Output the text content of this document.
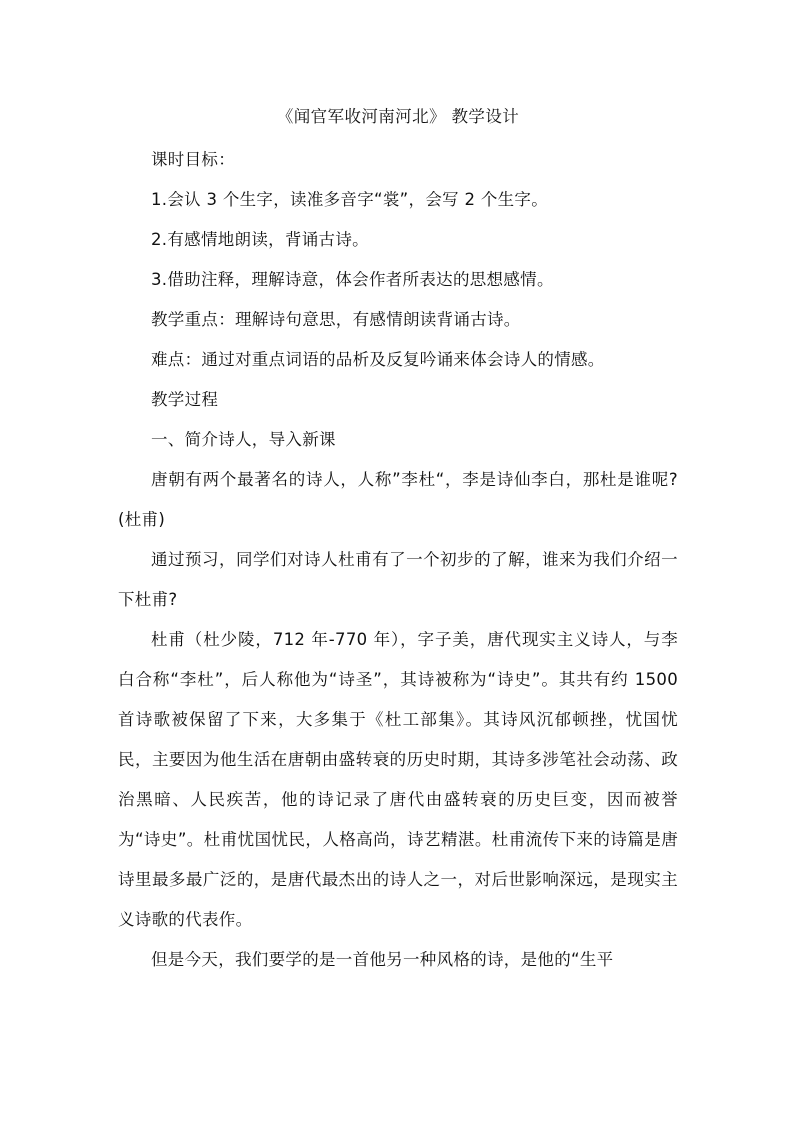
《闻官军收河南河北》 教学设计

课时目标：

1.会认 3 个生字，读准多音字“裳”，会写 2 个生字。

2.有感情地朗读，背诵古诗。

3.借助注释，理解诗意，体会作者所表达的思想感情。

教学重点：理解诗句意思，有感情朗读背诵古诗。

难点：通过对重点词语的品析及反复吟诵来体会诗人的情感。

教学过程

一、简介诗人，导入新课

唐朝有两个最著名的诗人，人称”李杜“，李是诗仙李白，那杜是谁呢?(杜甫)

通过预习，同学们对诗人杜甫有了一个初步的了解，谁来为我们介绍一下杜甫?

杜甫（杜少陵，712 年-770 年），字子美，唐代现实主义诗人，与李白合称“李杜”，后人称他为“诗圣”，其诗被称为“诗史”。其共有约 1500 首诗歌被保留了下来，大多集于《杜工部集》。其诗风沉郁顿挫，忧国忧民，主要因为他生活在唐朝由盛转衰的历史时期，其诗多涉笔社会动荡、政治黑暗、人民疾苦，他的诗记录了唐代由盛转衰的历史巨变，因而被誉为“诗史”。杜甫忧国忧民，人格高尚，诗艺精湛。杜甫流传下来的诗篇是唐诗里最多最广泛的，是唐代最杰出的诗人之一，对后世影响深远，是现实主义诗歌的代表作。

但是今天，我们要学的是一首他另一种风格的诗，是他的“生平
